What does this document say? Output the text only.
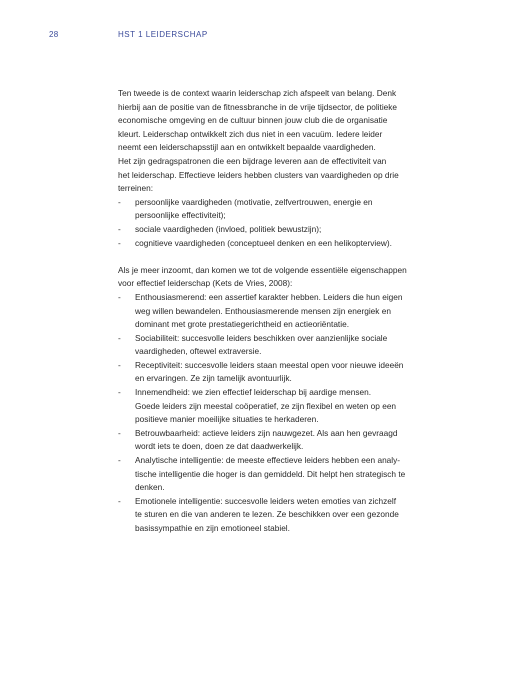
28	HST 1 LEIDERSCHAP
Ten tweede is de context waarin leiderschap zich afspeelt van belang. Denk
hierbij aan de positie van de fitnessbranche in de vrije tijdsector, de politieke
economische omgeving en de cultuur binnen jouw club die de organisatie
kleurt. Leiderschap ontwikkelt zich dus niet in een vacuüm. Iedere leider
neemt een leiderschapsstijl aan en ontwikkelt bepaalde vaardigheden.
Het zijn gedragspatronen die een bijdrage leveren aan de effectiviteit van
het leiderschap. Effectieve leiders hebben clusters van vaardigheden op drie
terreinen:
-	persoonlijke vaardigheden (motivatie, zelfvertrouwen, energie en
persoonlijke effectiviteit);
-	sociale vaardigheden (invloed, politiek bewustzijn);
-	cognitieve vaardigheden (conceptueel denken en een helikopterview).
Als je meer inzoomt, dan komen we tot de volgende essentiële eigenschappen
voor effectief leiderschap (Kets de Vries, 2008):
-	Enthousiasmerend: een assertief karakter hebben. Leiders die hun eigen
weg willen bewandelen. Enthousiasmerende mensen zijn energiek en
dominant met grote prestatiegerichtheid en actieoriëntatie.
-	Sociabiliteit: succesvolle leiders beschikken over aanzienlijke sociale
vaardigheden, oftewel extraversie.
-	Receptiviteit: succesvolle leiders staan meestal open voor nieuwe ideeën
en ervaringen. Ze zijn tamelijk avontuurlijk.
-	Innemendheid: we zien effectief leiderschap bij aardige mensen.
Goede leiders zijn meestal coöperatief, ze zijn flexibel en weten op een
positieve manier moeilijke situaties te herkaderen.
-	Betrouwbaarheid: actieve leiders zijn nauwgezet. Als aan hen gevraagd
wordt iets te doen, doen ze dat daadwerkelijk.
-	Analytische intelligentie: de meeste effectieve leiders hebben een analy-
tische intelligentie die hoger is dan gemiddeld. Dit helpt hen strategisch te
denken.
-	Emotionele intelligentie: succesvolle leiders weten emoties van zichzelf
te sturen en die van anderen te lezen. Ze beschikken over een gezonde
basissympathie en zijn emotioneel stabiel.
